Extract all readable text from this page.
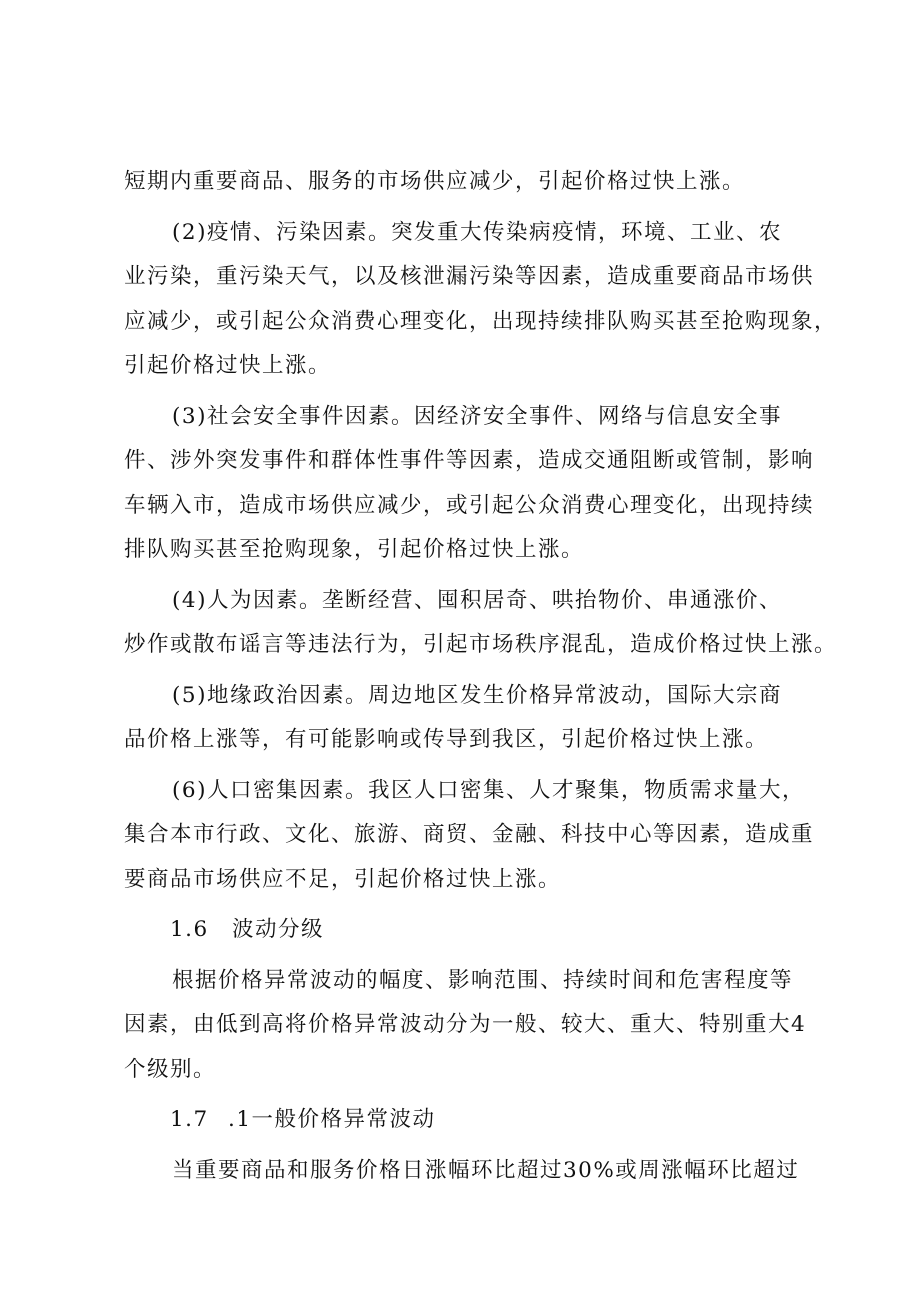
短期内重要商品、服务的市场供应减少，引起价格过快上涨。
(2)疫情、污染因素。突发重大传染病疫情，环境、工业、农
业污染，重污染天气，以及核泄漏污染等因素，造成重要商品市场供
应减少，或引起公众消费心理变化，出现持续排队购买甚至抢购现象，
引起价格过快上涨。
(3)社会安全事件因素。因经济安全事件、网络与信息安全事
件、涉外突发事件和群体性事件等因素，造成交通阻断或管制，影响
车辆入市，造成市场供应减少，或引起公众消费心理变化，出现持续
排队购买甚至抢购现象，引起价格过快上涨。
(4)人为因素。垄断经营、囤积居奇、哄抬物价、串通涨价、
炒作或散布谣言等违法行为，引起市场秩序混乱，造成价格过快上涨。
(5)地缘政治因素。周边地区发生价格异常波动，国际大宗商
品价格上涨等，有可能影响或传导到我区，引起价格过快上涨。
(6)人口密集因素。我区人口密集、人才聚集，物质需求量大，
集合本市行政、文化、旅游、商贸、金融、科技中心等因素，造成重
要商品市场供应不足，引起价格过快上涨。
1.6 波动分级
根据价格异常波动的幅度、影响范围、持续时间和危害程度等
因素，由低到高将价格异常波动分为一般、较大、重大、特别重大4
个级别。
1.7 .1一般价格异常波动
当重要商品和服务价格日涨幅环比超过30%或周涨幅环比超过
